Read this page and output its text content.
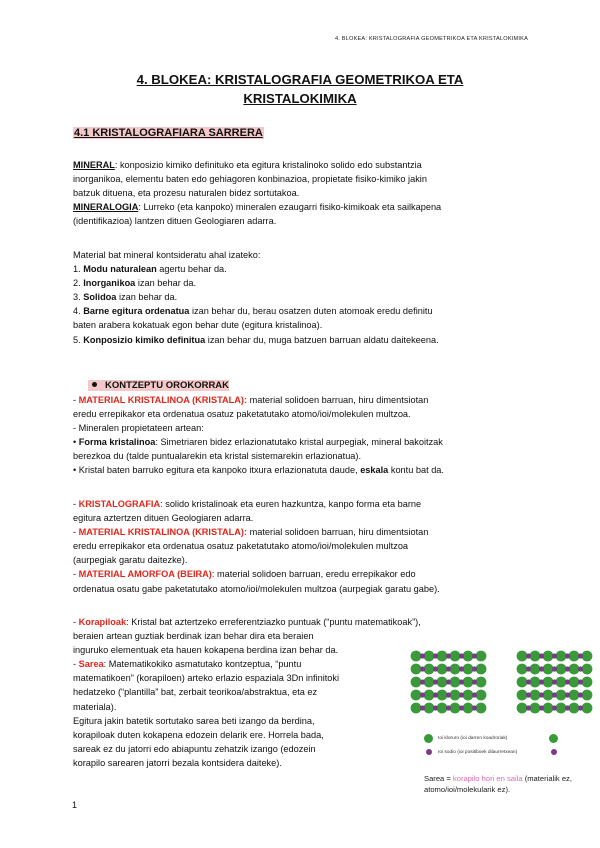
4. BLOKEA: KRISTALOGRAFIA GEOMETRIKOA ETA KRISTALOKIMIKA
4. BLOKEA: KRISTALOGRAFIA GEOMETRIKOA ETA
KRISTALOKIMIKA
4.1 KRISTALOGRAFIARA SARRERA

MINERAL: konposizio kimiko definituko eta egitura kristalinoko solido edo substantzia

inorganikoa, elementu baten edo gehiagoren konbinazioa, propietate fisiko-kimiko jakin

batzuk dituena, eta prozesu naturalen bidez sortutakoa.

MINERALOGIA: Lurreko (eta kanpoko) mineralen ezaugarri fisiko-kimikoak eta sailkapena

(identifikazioa) lantzen dituen Geologiaren adarra.

Material bat mineral kontsideratu ahal izateko:

1. Modu naturalean agertu behar da.

2. Inorganikoa izan behar da.

3. Solidoa izan behar da.

4. Barne egitura ordenatua izan behar du, berau osatzen duten atomoak eredu definitu

baten arabera kokatuak egon behar dute (egitura kristalinoa).

5. Konposizio kimiko definitua izan behar du, muga batzuen barruan aldatu daitekeena.

KONTZEPTU OROKORRAK

- MATERIAL KRISTALINOA (KRISTALA): material solidoen barruan, hiru dimentsiotan

eredu errepikakor eta ordenatua osatuz paketatutako atomo/ioi/molekulen multzoa.

- Mineralen propietateen artean:

• Forma kristalinoa: Simetriaren bidez erlazionatutako kristal aurpegiak, mineral bakoitzak

berezkoa du (talde puntualarekin eta kristal sistemarekin erlazionatua).

• Kristal baten barruko egitura eta kanpoko itxura erlazionatuta daude, eskala kontu bat da.

- KRISTALOGRAFIA: solido kristalinoak eta euren hazkuntza, kanpo forma eta barne

egitura aztertzen dituen Geologiaren adarra.

- MATERIAL KRISTALINOA (KRISTALA): material solidoen barruan, hiru dimentsiotan

eredu errepikakor eta ordenatua osatuz paketatutako atomo/ioi/molekulen multzoa

(aurpegiak garatu daitezke).

- MATERIAL AMORFOA (BEIRA): material solidoen barruan, eredu errepikakor edo

ordenatua osatu gabe paketatutako atomo/ioi/molekulen multzoa (aurpegiak garatu gabe).

- Korapiloak: Kristal bat aztertzeko erreferentziazko puntuak (“puntu matematikoak”),

beraien artean guztiak berdinak izan behar dira eta beraien

inguruko elementuak eta hauen kokapena berdina izan behar da.

- Sarea: Matematikokiko asmatutako kontzeptua, “puntu

matematikoen” (korapiloen) arteko erlazio espaziala 3Dn infinitoki

hedatzeko (“plantilla” bat, zerbait teorikoa/abstraktua, eta ez

materiala).

Egitura jakin batetik sortutako sarea beti izango da berdina,

korapiloak duten kokapena edozein delarik ere. Horrela bada,

sareak ez du jatorri edo abiapuntu zehatzik izango (edozein

korapilo sarearen jatorri bezala kontsidera daiteke).

Ioi kloruro (ioi darren koadroriak)
Ioi sodio (ioi positiboek dilaurretxean)
Sarea = korapilo hori en saila (materialik ez,
atomo/ioi/molekularik ez).
1
